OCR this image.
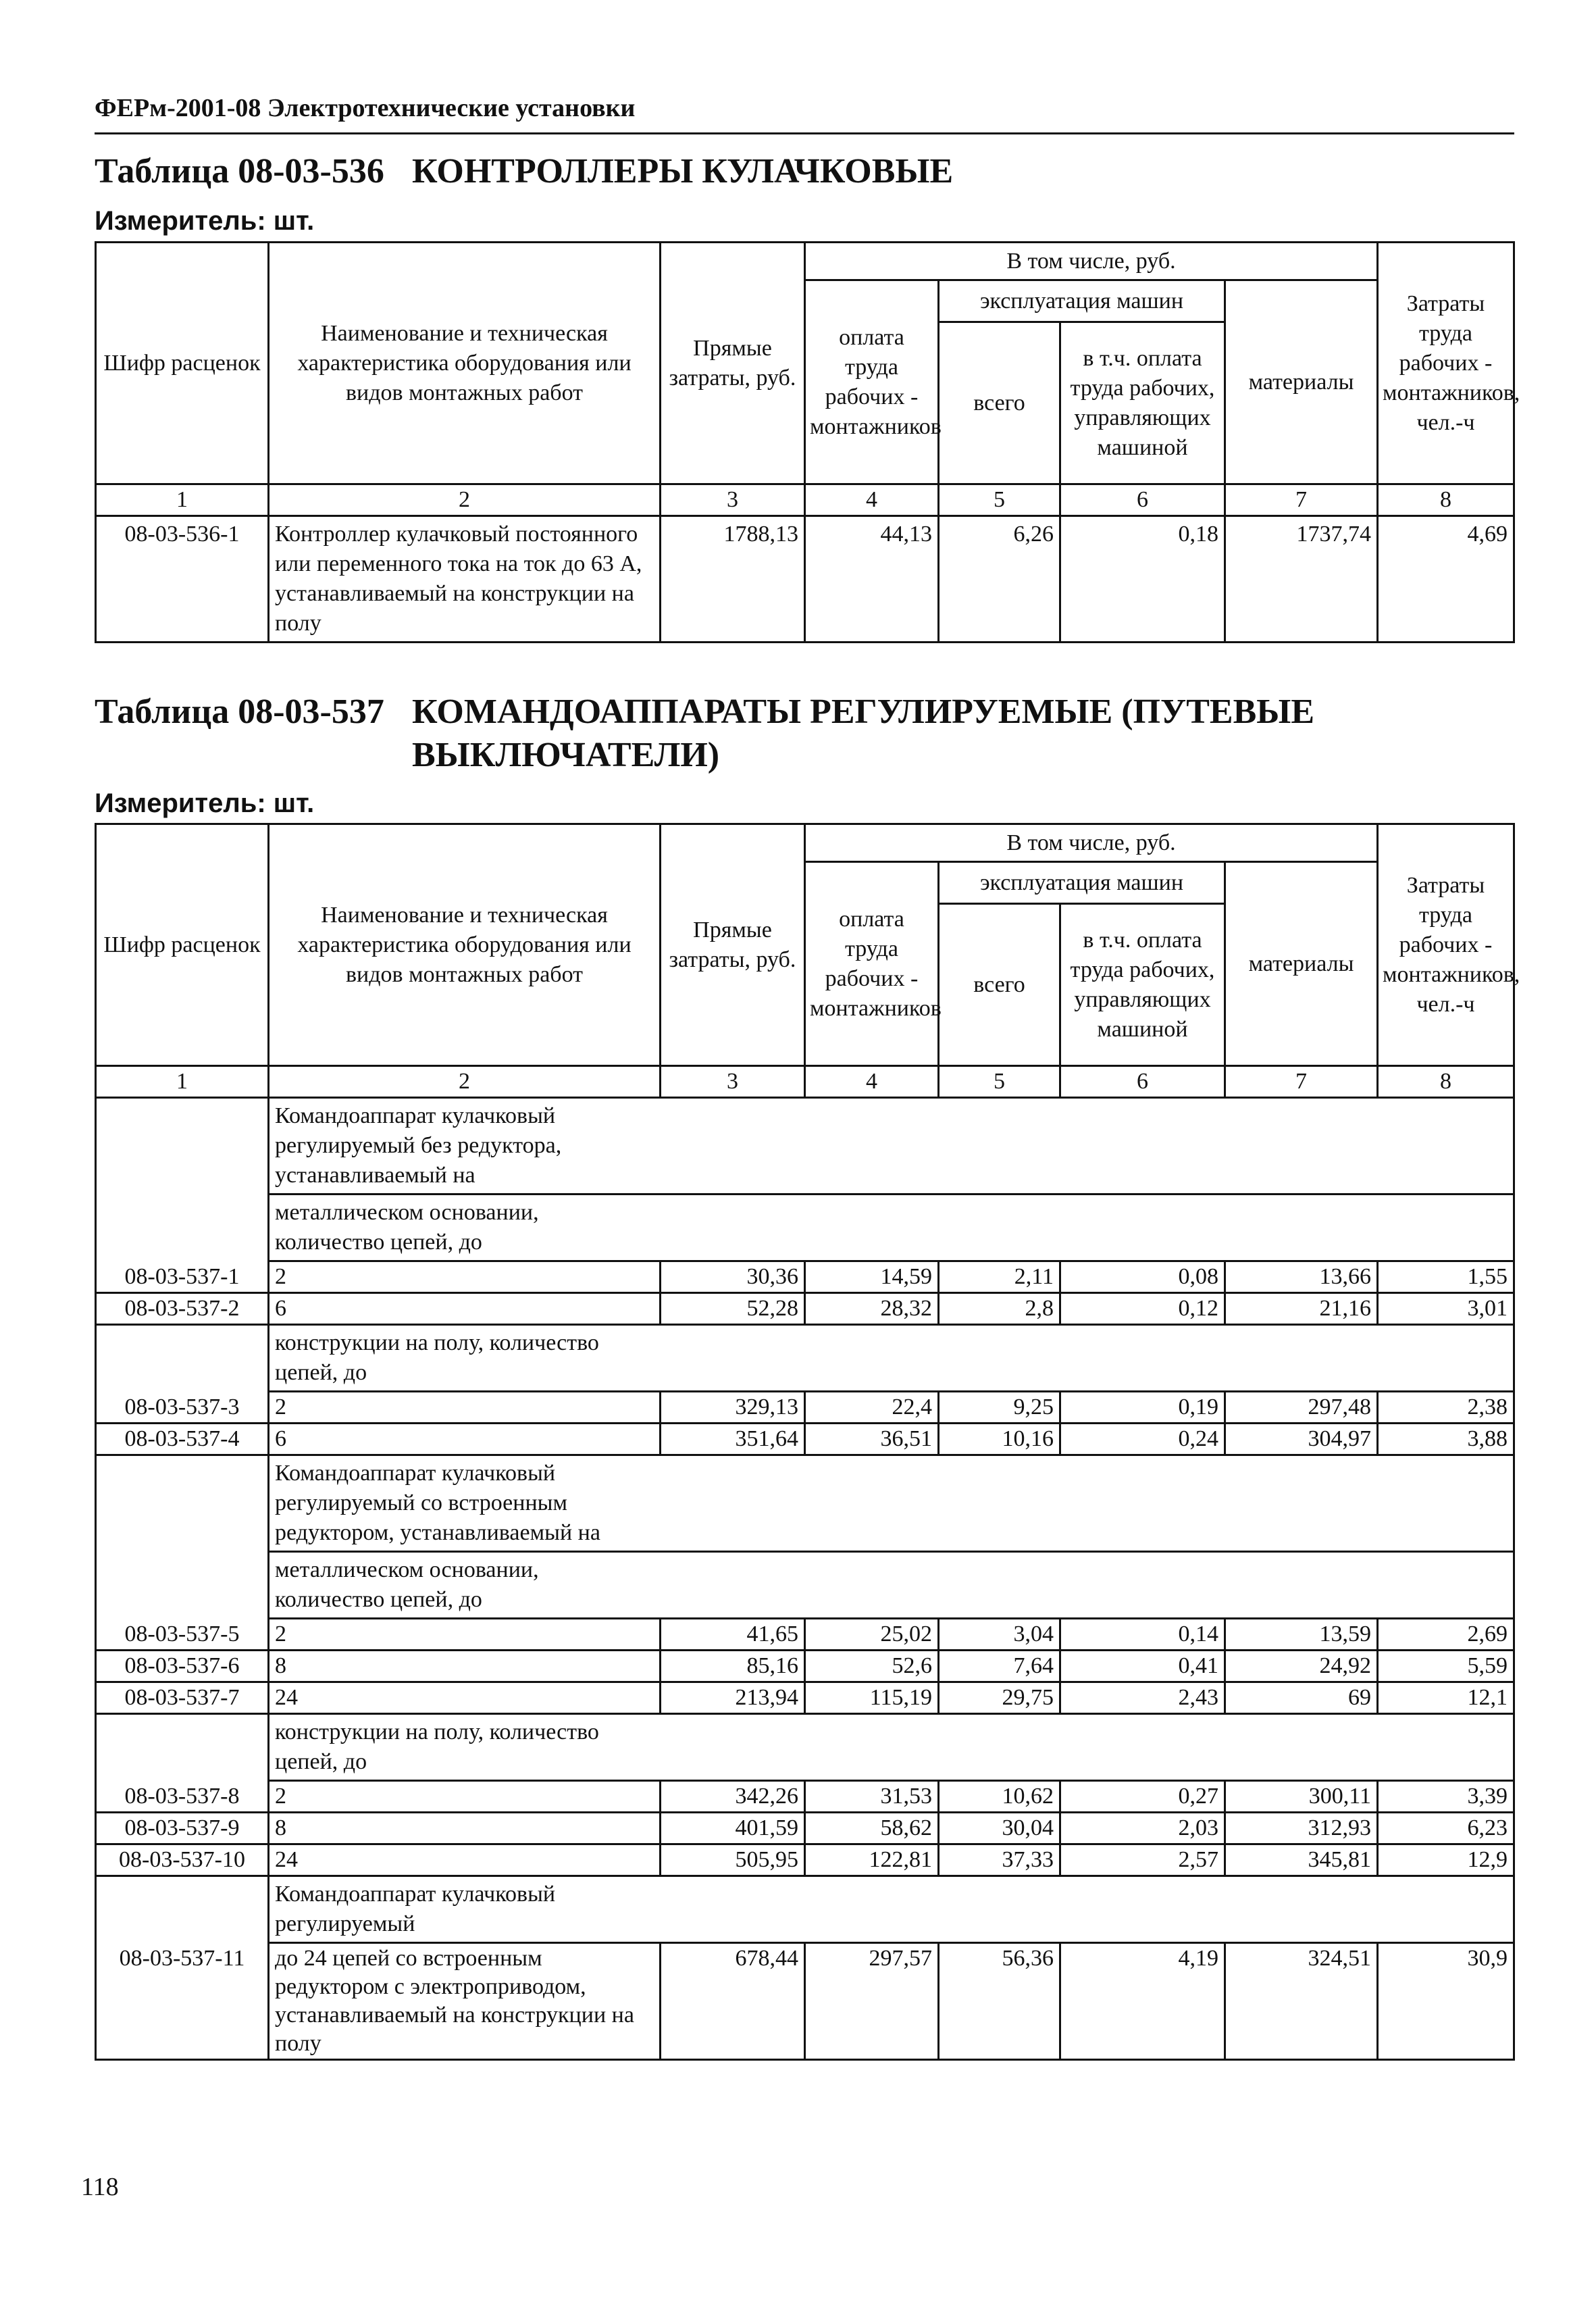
ФЕРм-2001-08 Электротехнические установки
Таблица 08-03-536 КОНТРОЛЛЕРЫ КУЛАЧКОВЫЕ
Измеритель: шт.
Шифр расценок	Наименование и техническая характеристика оборудования или видов монтажных работ	Прямые затраты, руб.	В том числе, руб.				Затраты труда рабочих - монтажников, чел.-ч
			оплата труда рабочих - монтажников	эксплуатация машин		материалы	
				всего	в т.ч. оплата труда рабочих, управляющих машиной		
1	2	3	4	5	6	7	8
08-03-536-1	Контроллер кулачковый постоянного или переменного тока на ток до 63 А, устанавливаемый на конструкции на полу	1788,13	44,13	6,26	0,18	1737,74	4,69
Таблица 08-03-537 КОМАНДОАППАРАТЫ РЕГУЛИРУЕМЫЕ (ПУТЕВЫЕ ВЫКЛЮЧАТЕЛИ)
Измеритель: шт.
Шифр расценок	Наименование и техническая характеристика оборудования или видов монтажных работ	Прямые затраты, руб.	В том числе, руб.				Затраты труда рабочих - монтажников, чел.-ч
			оплата труда рабочих - монтажников	эксплуатация машин		материалы	
				всего	в т.ч. оплата труда рабочих, управляющих машиной		
1	2	3	4	5	6	7	8
	Командоаппарат кулачковый регулируемый без редуктора, устанавливаемый на						
	металлическом основании, количество цепей, до						
08-03-537-1	2	30,36	14,59	2,11	0,08	13,66	1,55
08-03-537-2	6	52,28	28,32	2,8	0,12	21,16	3,01
	конструкции на полу, количество цепей, до						
08-03-537-3	2	329,13	22,4	9,25	0,19	297,48	2,38
08-03-537-4	6	351,64	36,51	10,16	0,24	304,97	3,88
	Командоаппарат кулачковый регулируемый со встроенным редуктором, устанавливаемый на						
	металлическом основании, количество цепей, до						
08-03-537-5	2	41,65	25,02	3,04	0,14	13,59	2,69
08-03-537-6	8	85,16	52,6	7,64	0,41	24,92	5,59
08-03-537-7	24	213,94	115,19	29,75	2,43	69	12,1
	конструкции на полу, количество цепей, до						
08-03-537-8	2	342,26	31,53	10,62	0,27	300,11	3,39
08-03-537-9	8	401,59	58,62	30,04	2,03	312,93	6,23
08-03-537-10	24	505,95	122,81	37,33	2,57	345,81	12,9
	Командоаппарат кулачковый регулируемый						
08-03-537-11	до 24 цепей со встроенным редуктором с электроприводом, устанавливаемый на конструкции на полу	678,44	297,57	56,36	4,19	324,51	30,9
118
